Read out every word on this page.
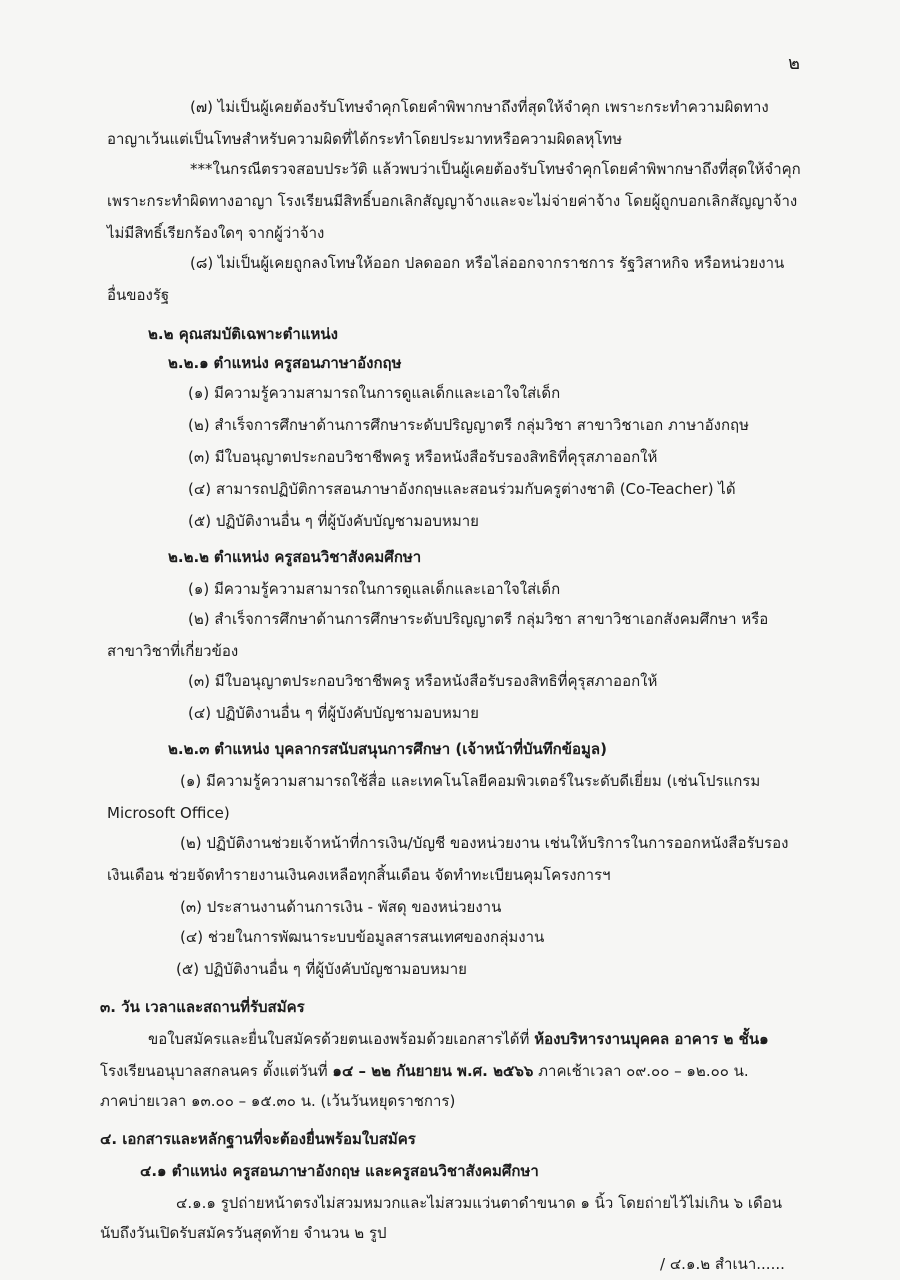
๒
(๗) ไม่เป็นผู้เคยต้องรับโทษจำคุกโดยคำพิพากษาถึงที่สุดให้จำคุก เพราะกระทำความผิดทาง
อาญาเว้นแต่เป็นโทษสำหรับความผิดที่ได้กระทำโดยประมาทหรือความผิดลหุโทษ
***ในกรณีตรวจสอบประวัติ แล้วพบว่าเป็นผู้เคยต้องรับโทษจำคุกโดยคำพิพากษาถึงที่สุดให้จำคุก
เพราะกระทำผิดทางอาญา โรงเรียนมีสิทธิ์บอกเลิกสัญญาจ้างและจะไม่จ่ายค่าจ้าง โดยผู้ถูกบอกเลิกสัญญาจ้าง
ไม่มีสิทธิ์เรียกร้องใดๆ จากผู้ว่าจ้าง
(๘) ไม่เป็นผู้เคยถูกลงโทษให้ออก ปลดออก หรือไล่ออกจากราชการ รัฐวิสาหกิจ หรือหน่วยงาน
อื่นของรัฐ
๒.๒ คุณสมบัติเฉพาะตำแหน่ง
๒.๒.๑ ตำแหน่ง ครูสอนภาษาอังกฤษ
(๑) มีความรู้ความสามารถในการดูแลเด็กและเอาใจใส่เด็ก
(๒) สำเร็จการศึกษาด้านการศึกษาระดับปริญญาตรี กลุ่มวิชา สาขาวิชาเอก ภาษาอังกฤษ
(๓) มีใบอนุญาตประกอบวิชาชีพครู หรือหนังสือรับรองสิทธิที่คุรุสภาออกให้
(๔) สามารถปฏิบัติการสอนภาษาอังกฤษและสอนร่วมกับครูต่างชาติ (Co-Teacher) ได้
(๕) ปฏิบัติงานอื่น ๆ ที่ผู้บังคับบัญชามอบหมาย
๒.๒.๒ ตำแหน่ง ครูสอนวิชาสังคมศึกษา
(๑) มีความรู้ความสามารถในการดูแลเด็กและเอาใจใส่เด็ก
(๒) สำเร็จการศึกษาด้านการศึกษาระดับปริญญาตรี กลุ่มวิชา สาขาวิชาเอกสังคมศึกษา หรือ
สาขาวิชาที่เกี่ยวข้อง
(๓) มีใบอนุญาตประกอบวิชาชีพครู หรือหนังสือรับรองสิทธิที่คุรุสภาออกให้
(๔) ปฏิบัติงานอื่น ๆ ที่ผู้บังคับบัญชามอบหมาย
๒.๒.๓ ตำแหน่ง บุคลากรสนับสนุนการศึกษา (เจ้าหน้าที่บันทึกข้อมูล)
(๑) มีความรู้ความสามารถใช้สื่อ และเทคโนโลยีคอมพิวเตอร์ในระดับดีเยี่ยม (เช่นโปรแกรม
Microsoft Office)
(๒) ปฏิบัติงานช่วยเจ้าหน้าที่การเงิน/บัญชี ของหน่วยงาน เช่นให้บริการในการออกหนังสือรับรอง
เงินเดือน ช่วยจัดทำรายงานเงินคงเหลือทุกสิ้นเดือน จัดทำทะเบียนคุมโครงการฯ
(๓) ประสานงานด้านการเงิน - พัสดุ ของหน่วยงาน
(๔) ช่วยในการพัฒนาระบบข้อมูลสารสนเทศของกลุ่มงาน
(๕) ปฏิบัติงานอื่น ๆ ที่ผู้บังคับบัญชามอบหมาย
๓. วัน เวลาและสถานที่รับสมัคร
ขอใบสมัครและยื่นใบสมัครด้วยตนเองพร้อมด้วยเอกสารได้ที่ ห้องบริหารงานบุคคล อาคาร ๒ ชั้น๑
โรงเรียนอนุบาลสกลนคร ตั้งแต่วันที่ ๑๔ – ๒๒ กันยายน พ.ศ. ๒๕๖๖ ภาคเช้าเวลา ๐๙.๐๐ – ๑๒.๐๐ น.
ภาคบ่ายเวลา ๑๓.๐๐ – ๑๕.๓๐ น. (เว้นวันหยุดราชการ)
๔. เอกสารและหลักฐานที่จะต้องยื่นพร้อมใบสมัคร
๔.๑ ตำแหน่ง ครูสอนภาษาอังกฤษ และครูสอนวิชาสังคมศึกษา
๔.๑.๑ รูปถ่ายหน้าตรงไม่สวมหมวกและไม่สวมแว่นตาดำขนาด ๑ นิ้ว โดยถ่ายไว้ไม่เกิน ๖ เดือน
นับถึงวันเปิดรับสมัครวันสุดท้าย จำนวน ๒ รูป
/ ๔.๑.๒ สำเนา......
